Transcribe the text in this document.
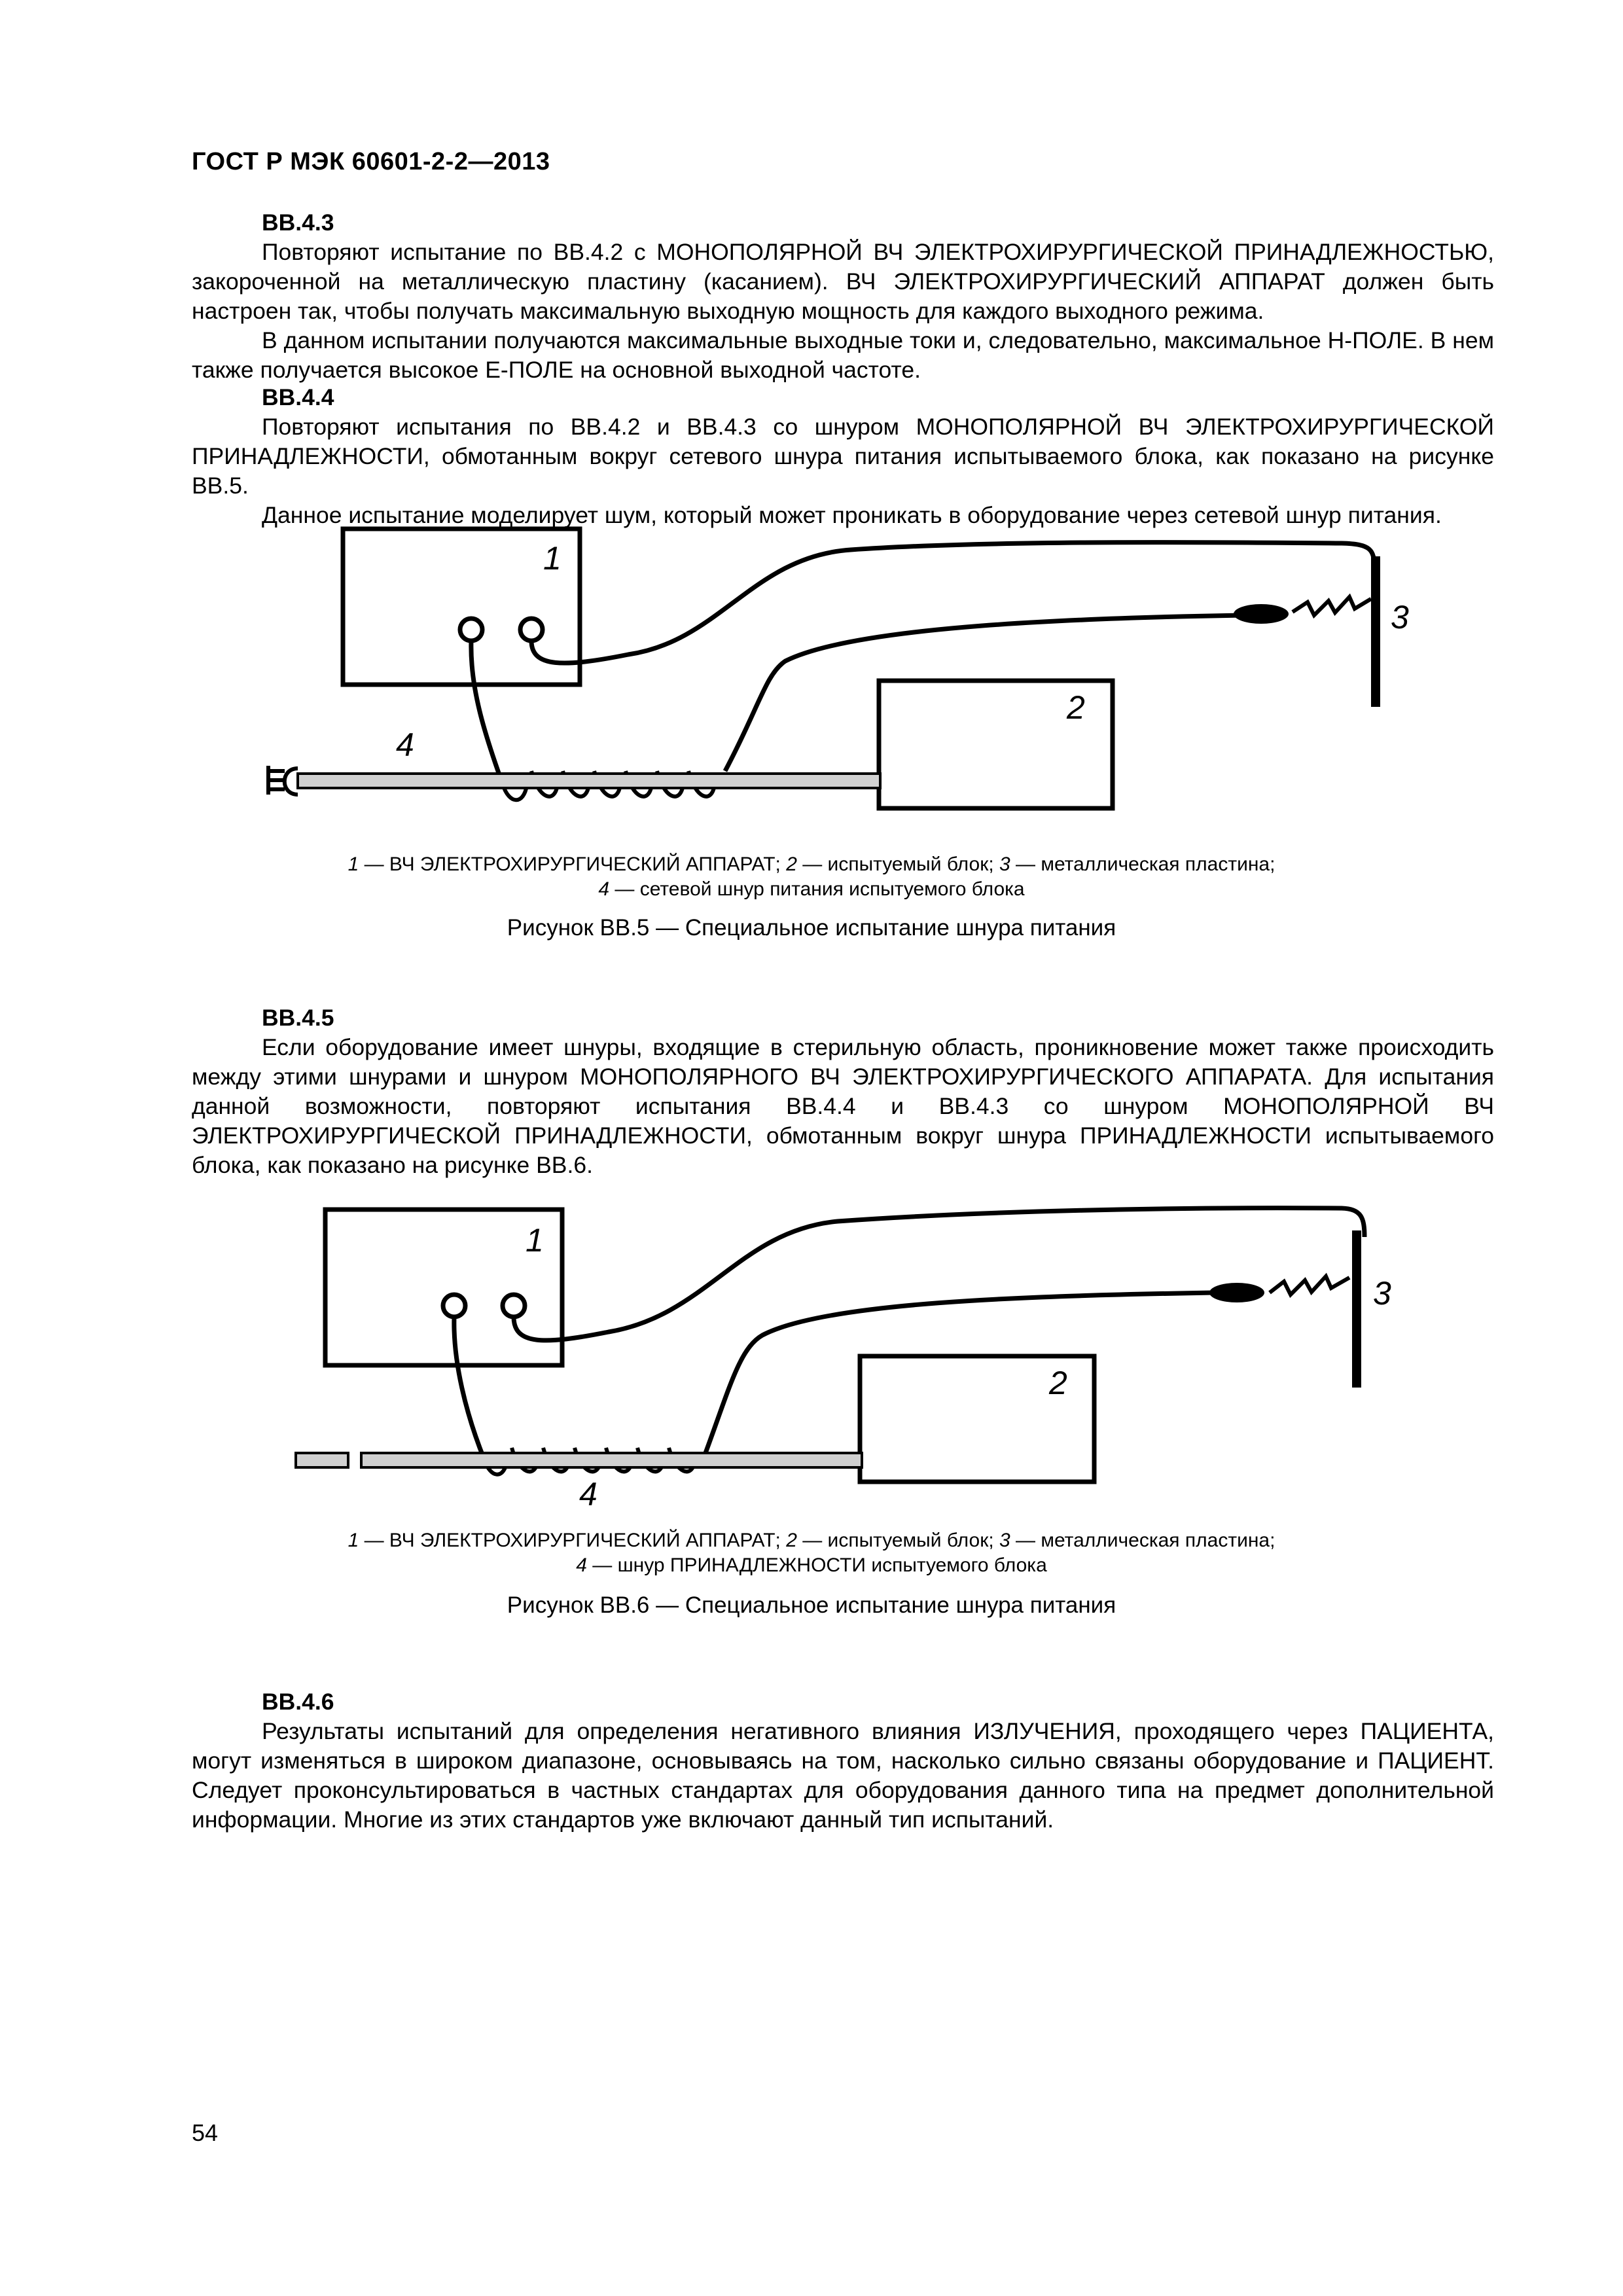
ГОСТ Р МЭК 60601-2-2—2013
BB.4.3

Повторяют испытание по BB.4.2 с МОНОПОЛЯРНОЙ ВЧ ЭЛЕКТРОХИРУРГИЧЕСКОЙ ПРИНАДЛЕЖНОСТЬЮ, закороченной на металлическую пластину (касанием). ВЧ ЭЛЕКТРОХИРУРГИЧЕСКИЙ АППАРАТ должен быть настроен так, чтобы получать максимальную выходную мощность для каждого выходного режима.

В данном испытании получаются максимальные выходные токи и, следовательно, максимальное H-ПОЛЕ. В нем также получается высокое E-ПОЛЕ на основной выходной частоте.

BB.4.4

Повторяют испытания по BB.4.2 и BB.4.3 со шнуром МОНОПОЛЯРНОЙ ВЧ ЭЛЕКТРОХИРУРГИЧЕСКОЙ ПРИНАДЛЕЖНОСТИ, обмотанным вокруг сетевого шнура питания испытываемого блока, как показано на рисунке BB.5.

Данное испытание моделирует шум, который может проникать в оборудование через сетевой шнур питания.

1
2
3
4
1 — ВЧ ЭЛЕКТРОХИРУРГИЧЕСКИЙ АППАРАТ; 2 — испытуемый блок; 3 — металлическая пластина;
4 — сетевой шнур питания испытуемого блока
Рисунок BB.5 — Специальное испытание шнура питания
BB.4.5

Если оборудование имеет шнуры, входящие в стерильную область, проникновение может также происходить между этими шнурами и шнуром МОНОПОЛЯРНОГО ВЧ ЭЛЕКТРОХИРУРГИЧЕСКОГО АППАРАТА. Для испытания данной возможности, повторяют испытания BB.4.4 и BB.4.3 со шнуром МОНОПОЛЯРНОЙ ВЧ ЭЛЕКТРОХИРУРГИЧЕСКОЙ ПРИНАДЛЕЖНОСТИ, обмотанным вокруг шнура ПРИНАДЛЕЖНОСТИ испытываемого блока, как показано на рисунке BB.6.

1
2
3
4
1 — ВЧ ЭЛЕКТРОХИРУРГИЧЕСКИЙ АППАРАТ; 2 — испытуемый блок; 3 — металлическая пластина;
4 — шнур ПРИНАДЛЕЖНОСТИ испытуемого блока
Рисунок BB.6 — Специальное испытание шнура питания
BB.4.6

Результаты испытаний для определения негативного влияния ИЗЛУЧЕНИЯ, проходящего через ПАЦИЕНТА, могут изменяться в широком диапазоне, основываясь на том, насколько сильно связаны оборудование и ПАЦИЕНТ. Следует проконсультироваться в частных стандартах для оборудования данного типа на предмет дополнительной информации. Многие из этих стандартов уже включают данный тип испытаний.

54
